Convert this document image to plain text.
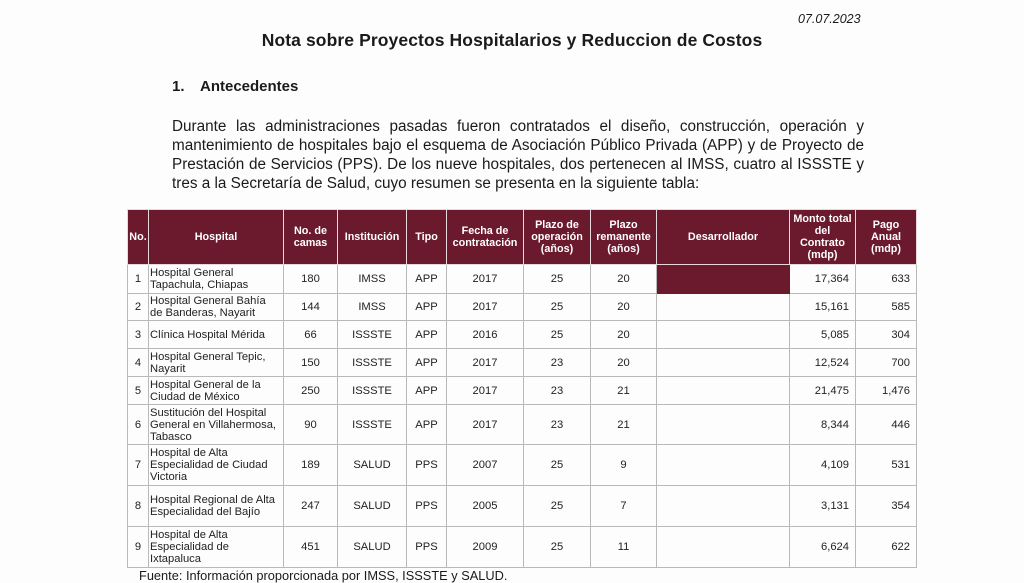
07.07.2023
Nota sobre Proyectos Hospitalarios y Reduccion de Costos
1. Antecedentes

Durante las administraciones pasadas fueron contratados el diseño, construcción, operación y mantenimiento de hospitales bajo el esquema de Asociación Público Privada (APP) y de Proyecto de Prestación de Servicios (PPS). De los nueve hospitales, dos pertenecen al IMSS, cuatro al ISSSTE y tres a la Secretaría de Salud, cuyo resumen se presenta en la siguiente tabla:

No.	Hospital	No. de camas	Institución	Tipo	Fecha de contratación	Plazo de operación (años)	Plazo remanente (años)	Desarrollador	Monto total del Contrato (mdp)	Pago Anual (mdp)
1	Hospital General Tapachula, Chiapas	180	IMSS	APP	2017	25	20		17,364	633
2	Hospital General Bahía de Banderas, Nayarit	144	IMSS	APP	2017	25	20		15,161	585
3	Clínica Hospital Mérida	66	ISSSTE	APP	2016	25	20		5,085	304
4	Hospital General Tepic, Nayarit	150	ISSSTE	APP	2017	23	20		12,524	700
5	Hospital General de la Ciudad de México	250	ISSSTE	APP	2017	23	21		21,475	1,476
6	Sustitución del Hospital General en Villahermosa, Tabasco	90	ISSSTE	APP	2017	23	21		8,344	446
7	Hospital de Alta Especialidad de Ciudad Victoria	189	SALUD	PPS	2007	25	9		4,109	531
8	Hospital Regional de Alta Especialidad del Bajío	247	SALUD	PPS	2005	25	7		3,131	354
9	Hospital de Alta Especialidad de Ixtapaluca	451	SALUD	PPS	2009	25	11		6,624	622
Fuente: Información proporcionada por IMSS, ISSSTE y SALUD.
